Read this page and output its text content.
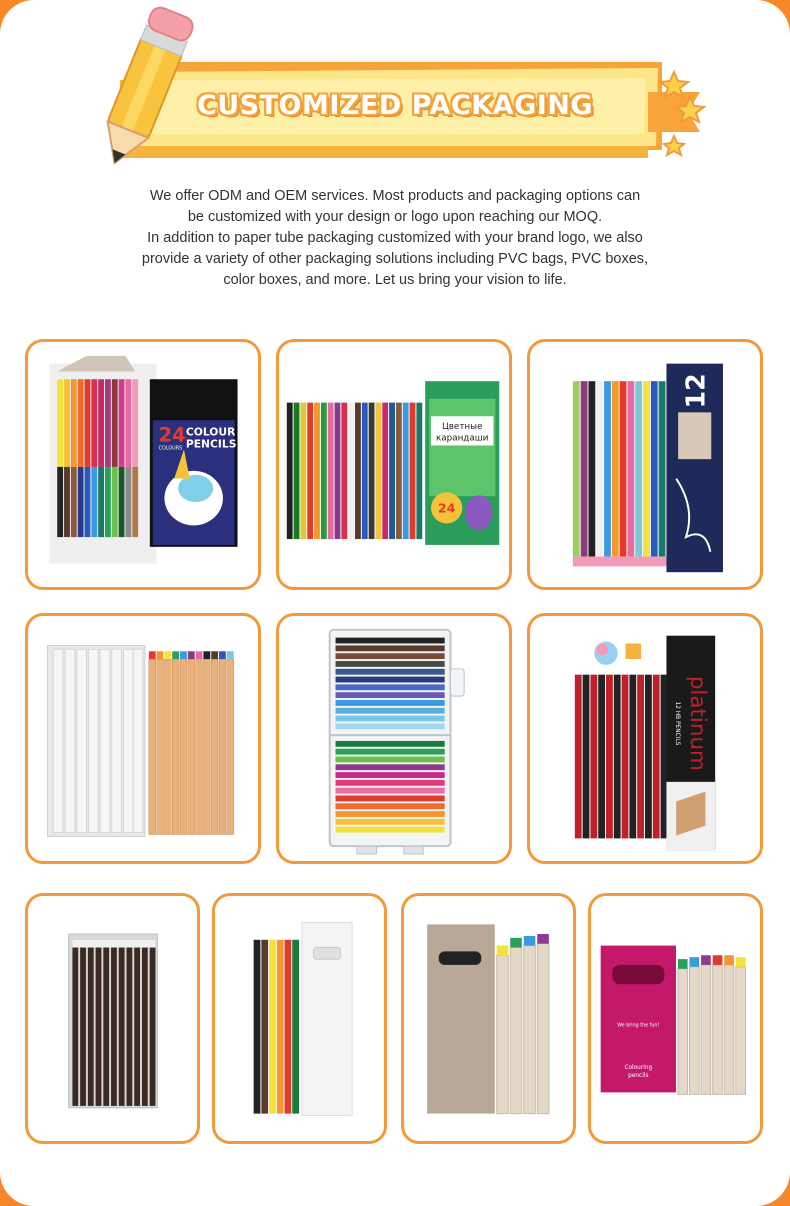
CUSTOMIZED PACKAGING

We offer ODM and OEM services. Most products and packaging options can

be customized with your design or logo upon reaching our MOQ.

In addition to paper tube packaging customized with your brand logo, we also

provide a variety of other packaging solutions including PVC bags, PVC boxes,

color boxes, and more. Let us bring your vision to life.

24
COLOURS
COLOUR
PENCILS
Цветные
карандаши
24
12
platinum
12 HB PENCILS
We bring the fun!
Colouring
pencils
